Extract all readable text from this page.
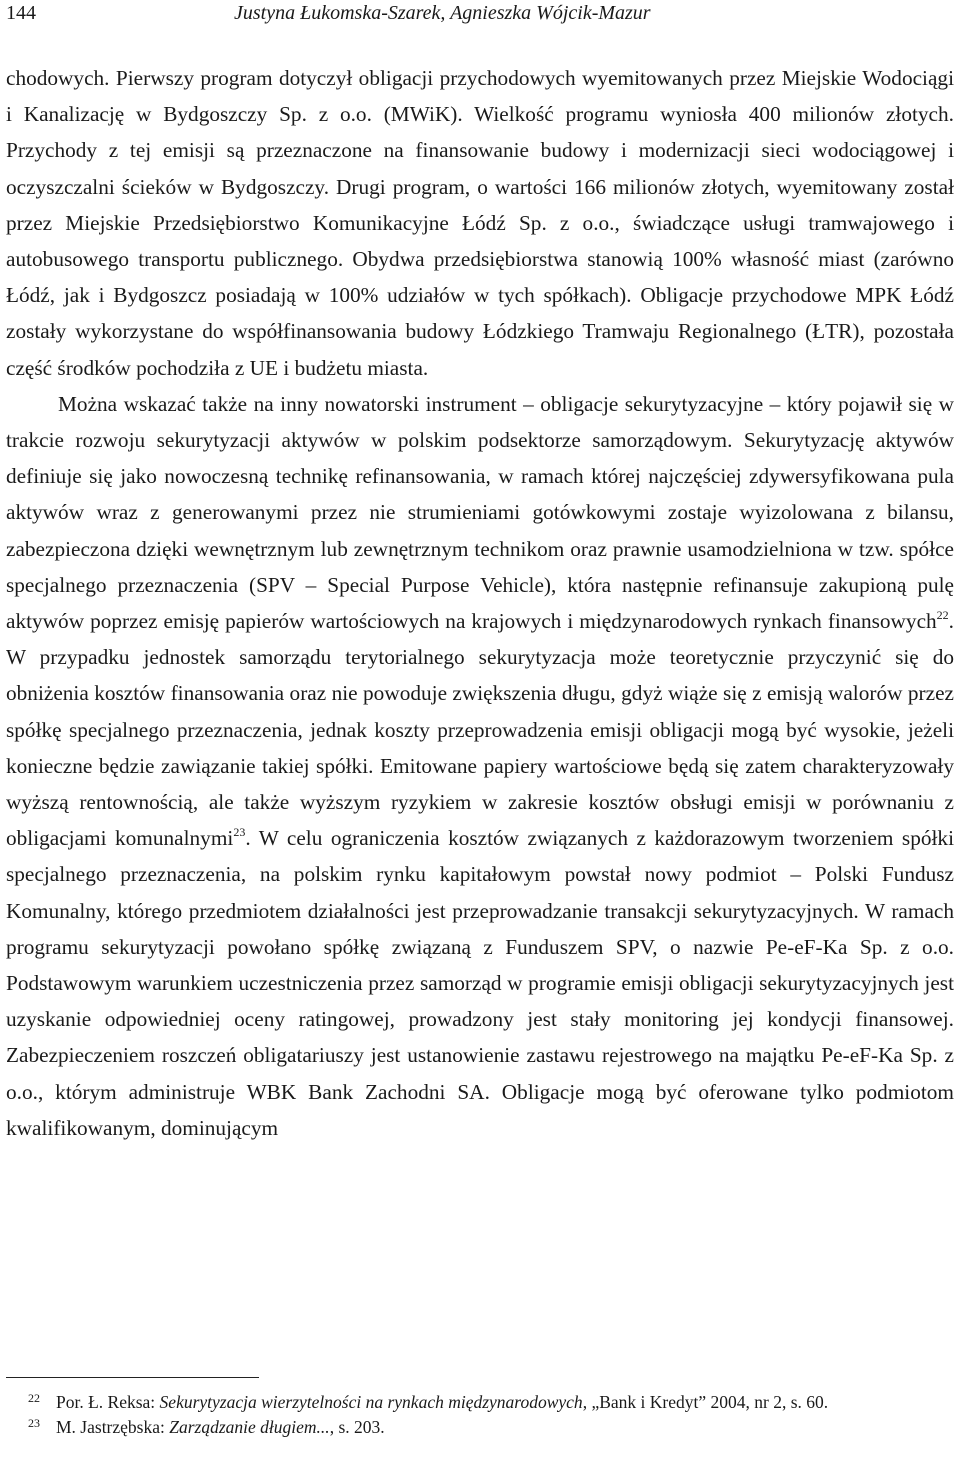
144	Justyna Łukomska-Szarek, Agnieszka Wójcik-Mazur

chodowych. Pierwszy program dotyczył obligacji przychodowych wyemitowanych przez Miejskie Wodociągi i Kanalizację w Bydgoszczy Sp. z o.o. (MWiK). Wielkość programu wyniosła 400 milionów złotych. Przychody z tej emisji są przeznaczone na finansowanie budowy i modernizacji sieci wodociągowej i oczyszczalni ścieków w Bydgoszczy. Drugi program, o wartości 166 milionów złotych, wyemitowany został przez Miejskie Przedsiębiorstwo Komunikacyjne Łódź Sp. z o.o., świadczące usługi tramwajowego i autobusowego transportu publicznego. Obydwa przedsiębiorstwa stanowią 100% własność miast (zarówno Łódź, jak i Bydgoszcz posiadają w 100% udziałów w tych spółkach). Obligacje przychodowe MPK Łódź zostały wykorzystane do współfinansowania budowy Łódzkiego Tramwaju Regionalnego (ŁTR), pozostała część środków pochodziła z UE i budżetu miasta.

Można wskazać także na inny nowatorski instrument – obligacje sekurytyzacyjne – który pojawił się w trakcie rozwoju sekurytyzacji aktywów w polskim podsektorze samorządowym. Sekurytyzację aktywów definiuje się jako nowoczesną technikę refinansowania, w ramach której najczęściej zdywersyfikowana pula aktywów wraz z generowanymi przez nie strumieniami gotówkowymi zostaje wyizolowana z bilansu, zabezpieczona dzięki wewnętrznym lub zewnętrznym technikom oraz prawnie usamodzielniona w tzw. spółce specjalnego przeznaczenia (SPV – Special Purpose Vehicle), która następnie refinansuje zakupioną pulę aktywów poprzez emisję papierów wartościowych na krajowych i międzynarodowych rynkach finansowych$^{22}$. W przypadku jednostek samorządu terytorialnego sekurytyzacja może teoretycznie przyczynić się do obniżenia kosztów finansowania oraz nie powoduje zwiększenia długu, gdyż wiąże się z emisją walorów przez spółkę specjalnego przeznaczenia, jednak koszty przeprowadzenia emisji obligacji mogą być wysokie, jeżeli konieczne będzie zawiązanie takiej spółki. Emitowane papiery wartościowe będą się zatem charakteryzowały wyższą rentownością, ale także wyższym ryzykiem w zakresie kosztów obsługi emisji w porównaniu z obligacjami komunalnymi$^{23}$. W celu ograniczenia kosztów związanych z każdorazowym tworzeniem spółki specjalnego przeznaczenia, na polskim rynku kapitałowym powstał nowy podmiot – Polski Fundusz Komunalny, którego przedmiotem działalności jest przeprowadzanie transakcji sekurytyzacyjnych. W ramach programu sekurytyzacji powołano spółkę związaną z Funduszem SPV, o nazwie Pe-eF-Ka Sp. z o.o. Podstawowym warunkiem uczestniczenia przez samorząd w programie emisji obligacji sekurytyzacyjnych jest uzyskanie odpowiedniej oceny ratingowej, prowadzony jest stały monitoring jej kondycji finansowej. Zabezpieczeniem roszczeń obligatariuszy jest ustanowienie zastawu rejestrowego na majątku Pe-eF-Ka Sp. z o.o., którym administruje WBK Bank Zachodni SA. Obligacje mogą być oferowane tylko podmiotom kwalifikowanym, dominującym

22 Por. Ł. Reksa: Sekurytyzacja wierzytelności na rynkach międzynarodowych, „Bank i Kredyt” 2004, nr 2, s. 60.

23 M. Jastrzębska: Zarządzanie długiem..., s. 203.
